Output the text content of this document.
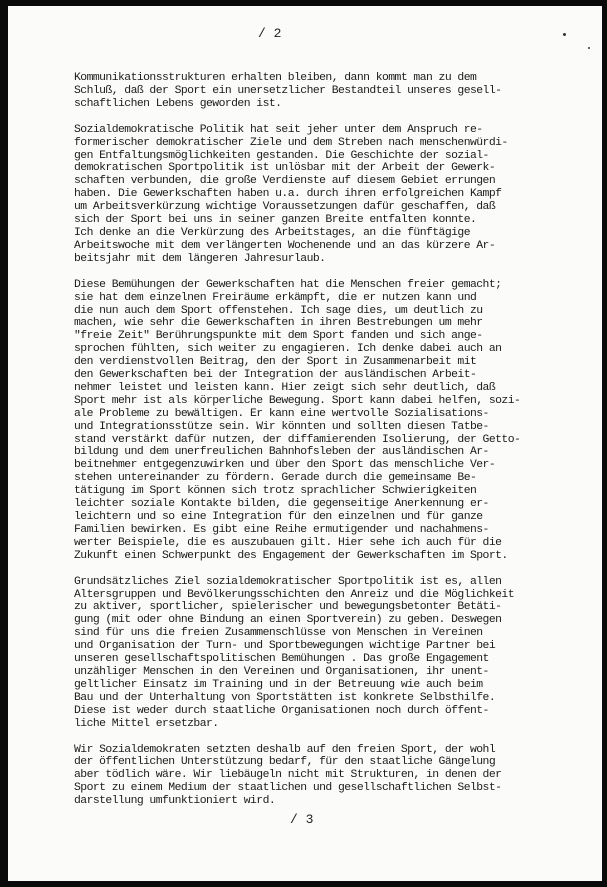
/ 2
Kommunikationsstrukturen erhalten bleiben, dann kommt man zu dem
Schluß, daß der Sport ein unersetzlicher Bestandteil unseres gesell-
schaftlichen Lebens geworden ist.
Sozialdemokratische Politik hat seit jeher unter dem Anspruch re-
formerischer demokratischer Ziele und dem Streben nach menschenwürdi-
gen Entfaltungsmöglichkeiten gestanden. Die Geschichte der sozial-
demokratischen Sportpolitik ist unlösbar mit der Arbeit der Gewerk-
schaften verbunden, die große Verdienste auf diesem Gebiet errungen
haben. Die Gewerkschaften haben u.a. durch ihren erfolgreichen Kampf
um Arbeitsverkürzung wichtige Voraussetzungen dafür geschaffen, daß
sich der Sport bei uns in seiner ganzen Breite entfalten konnte.
Ich denke an die Verkürzung des Arbeitstages, an die fünftägige
Arbeitswoche mit dem verlängerten Wochenende und an das kürzere Ar-
beitsjahr mit dem längeren Jahresurlaub.
Diese Bemühungen der Gewerkschaften hat die Menschen freier gemacht;
sie hat dem einzelnen Freiräume erkämpft, die er nutzen kann und
die nun auch dem Sport offenstehen. Ich sage dies, um deutlich zu
machen, wie sehr die Gewerkschaften in ihren Bestrebungen um mehr
"freie Zeit" Berührungspunkte mit dem Sport fanden und sich ange-
sprochen fühlten, sich weiter zu engagieren. Ich denke dabei auch an
den verdienstvollen Beitrag, den der Sport in Zusammenarbeit mit
den Gewerkschaften bei der Integration der ausländischen Arbeit-
nehmer leistet und leisten kann. Hier zeigt sich sehr deutlich, daß
Sport mehr ist als körperliche Bewegung. Sport kann dabei helfen, sozi-
ale Probleme zu bewältigen. Er kann eine wertvolle Sozialisations-
und Integrationsstütze sein. Wir könnten und sollten diesen Tatbe-
stand verstärkt dafür nutzen, der diffamierenden Isolierung, der Getto-
bildung und dem unerfreulichen Bahnhofsleben der ausländischen Ar-
beitnehmer entgegenzuwirken und über den Sport das menschliche Ver-
stehen untereinander zu fördern. Gerade durch die gemeinsame Be-
tätigung im Sport können sich trotz sprachlicher Schwierigkeiten
leichter soziale Kontakte bilden, die gegenseitige Anerkennung er-
leichtern und so eine Integration für den einzelnen und für ganze
Familien bewirken. Es gibt eine Reihe ermutigender und nachahmens-
werter Beispiele, die es auszubauen gilt. Hier sehe ich auch für die
Zukunft einen Schwerpunkt des Engagement der Gewerkschaften im Sport.
Grundsätzliches Ziel sozialdemokratischer Sportpolitik ist es, allen
Altersgruppen und Bevölkerungsschichten den Anreiz und die Möglichkeit
zu aktiver, sportlicher, spielerischer und bewegungsbetonter Betäti-
gung (mit oder ohne Bindung an einen Sportverein) zu geben. Deswegen
sind für uns die freien Zusammenschlüsse von Menschen in Vereinen
und Organisation der Turn- und Sportbewegungen wichtige Partner bei
unseren gesellschaftspolitischen Bemühungen . Das große Engagement
unzähliger Menschen in den Vereinen und Organisationen, ihr unent-
geltlicher Einsatz im Training und in der Betreuung wie auch beim
Bau und der Unterhaltung von Sportstätten ist konkrete Selbsthilfe.
Diese ist weder durch staatliche Organisationen noch durch öffent-
liche Mittel ersetzbar.
Wir Sozialdemokraten setzten deshalb auf den freien Sport, der wohl
der öffentlichen Unterstützung bedarf, für den staatliche Gängelung
aber tödlich wäre. Wir liebäugeln nicht mit Strukturen, in denen der
Sport zu einem Medium der staatlichen und gesellschaftlichen Selbst-
darstellung umfunktioniert wird.
/ 3
